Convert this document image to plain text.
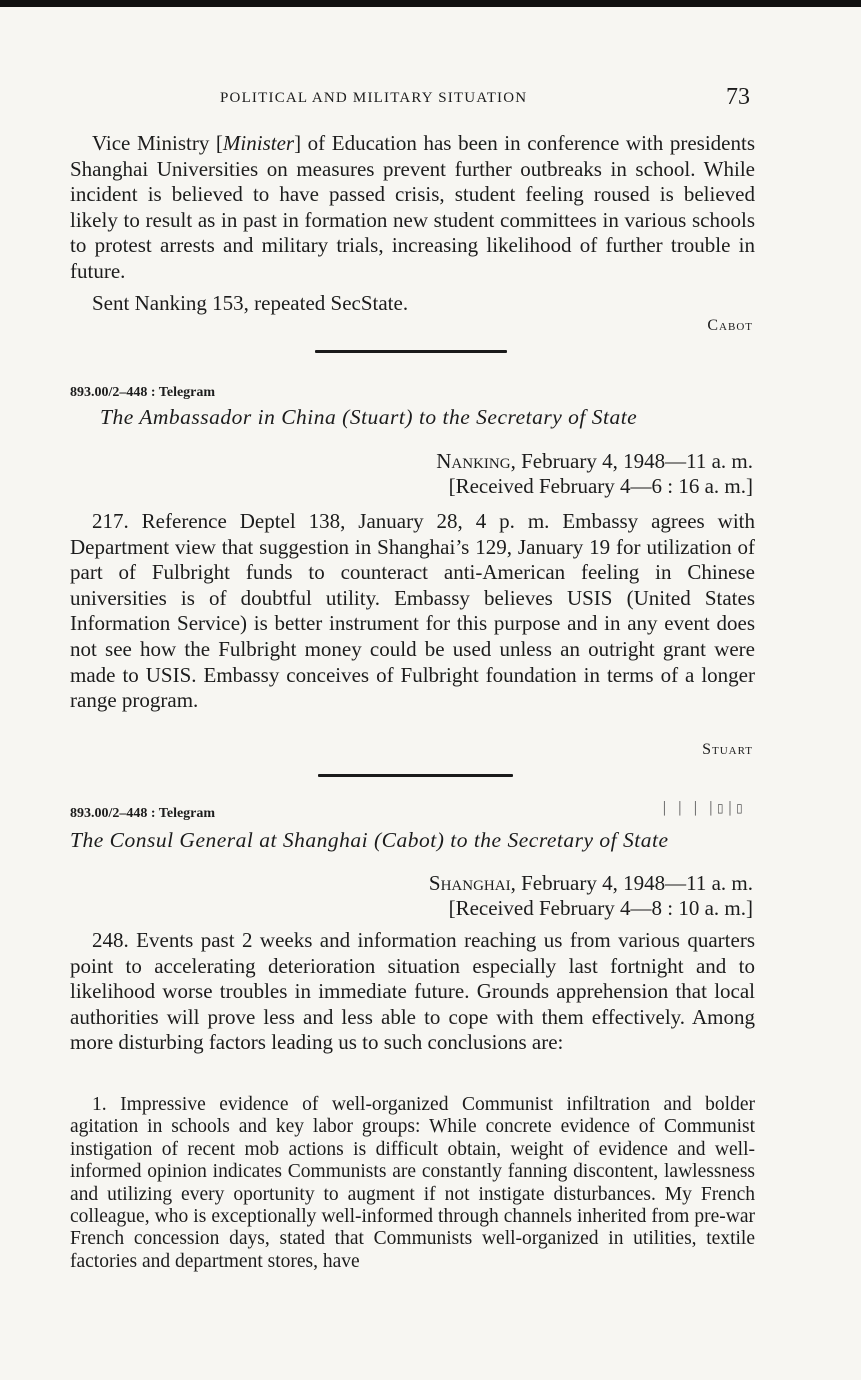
POLITICAL AND MILITARY SITUATION	73

Vice Ministry [Minister] of Education has been in conference with presidents Shanghai Universities on measures prevent further outbreaks in school. While incident is believed to have passed crisis, student feeling roused is believed likely to result as in past in formation new student committees in various schools to protest arrests and military trials, increasing likelihood of further trouble in future.

Sent Nanking 153, repeated SecState.

Cabot
893.00/2–448 : Telegram
The Ambassador in China (Stuart) to the Secretary of State
Nanking, February 4, 1948—11 a. m.
[Received February 4—6 : 16 a. m.]

217. Reference Deptel 138, January 28, 4 p. m. Embassy agrees with Department view that suggestion in Shanghai’s 129, January 19 for utilization of part of Fulbright funds to counteract anti-American feeling in Chinese universities is of doubtful utility. Embassy believes USIS (United States Information Service) is better instrument for this purpose and in any event does not see how the Fulbright money could be used unless an outright grant were made to USIS. Embassy conceives of Fulbright foundation in terms of a longer range program.

Stuart
893.00/2–448 : Telegram	│ │ │ │▯│▯
The Consul General at Shanghai (Cabot) to the Secretary of State
Shanghai, February 4, 1948—11 a. m.
[Received February 4—8 : 10 a. m.]

248. Events past 2 weeks and information reaching us from various quarters point to accelerating deterioration situation especially last fortnight and to likelihood worse troubles in immediate future. Grounds apprehension that local authorities will prove less and less able to cope with them effectively. Among more disturbing factors leading us to such conclusions are:

1. Impressive evidence of well-organized Communist infiltration and bolder agitation in schools and key labor groups: While concrete evidence of Communist instigation of recent mob actions is difficult obtain, weight of evidence and well-informed opinion indicates Communists are constantly fanning discontent, lawlessness and utilizing every oportunity to augment if not instigate disturbances. My French colleague, who is exceptionally well-informed through channels inherited from pre-war French concession days, stated that Communists well-organized in utilities, textile factories and department stores, have
